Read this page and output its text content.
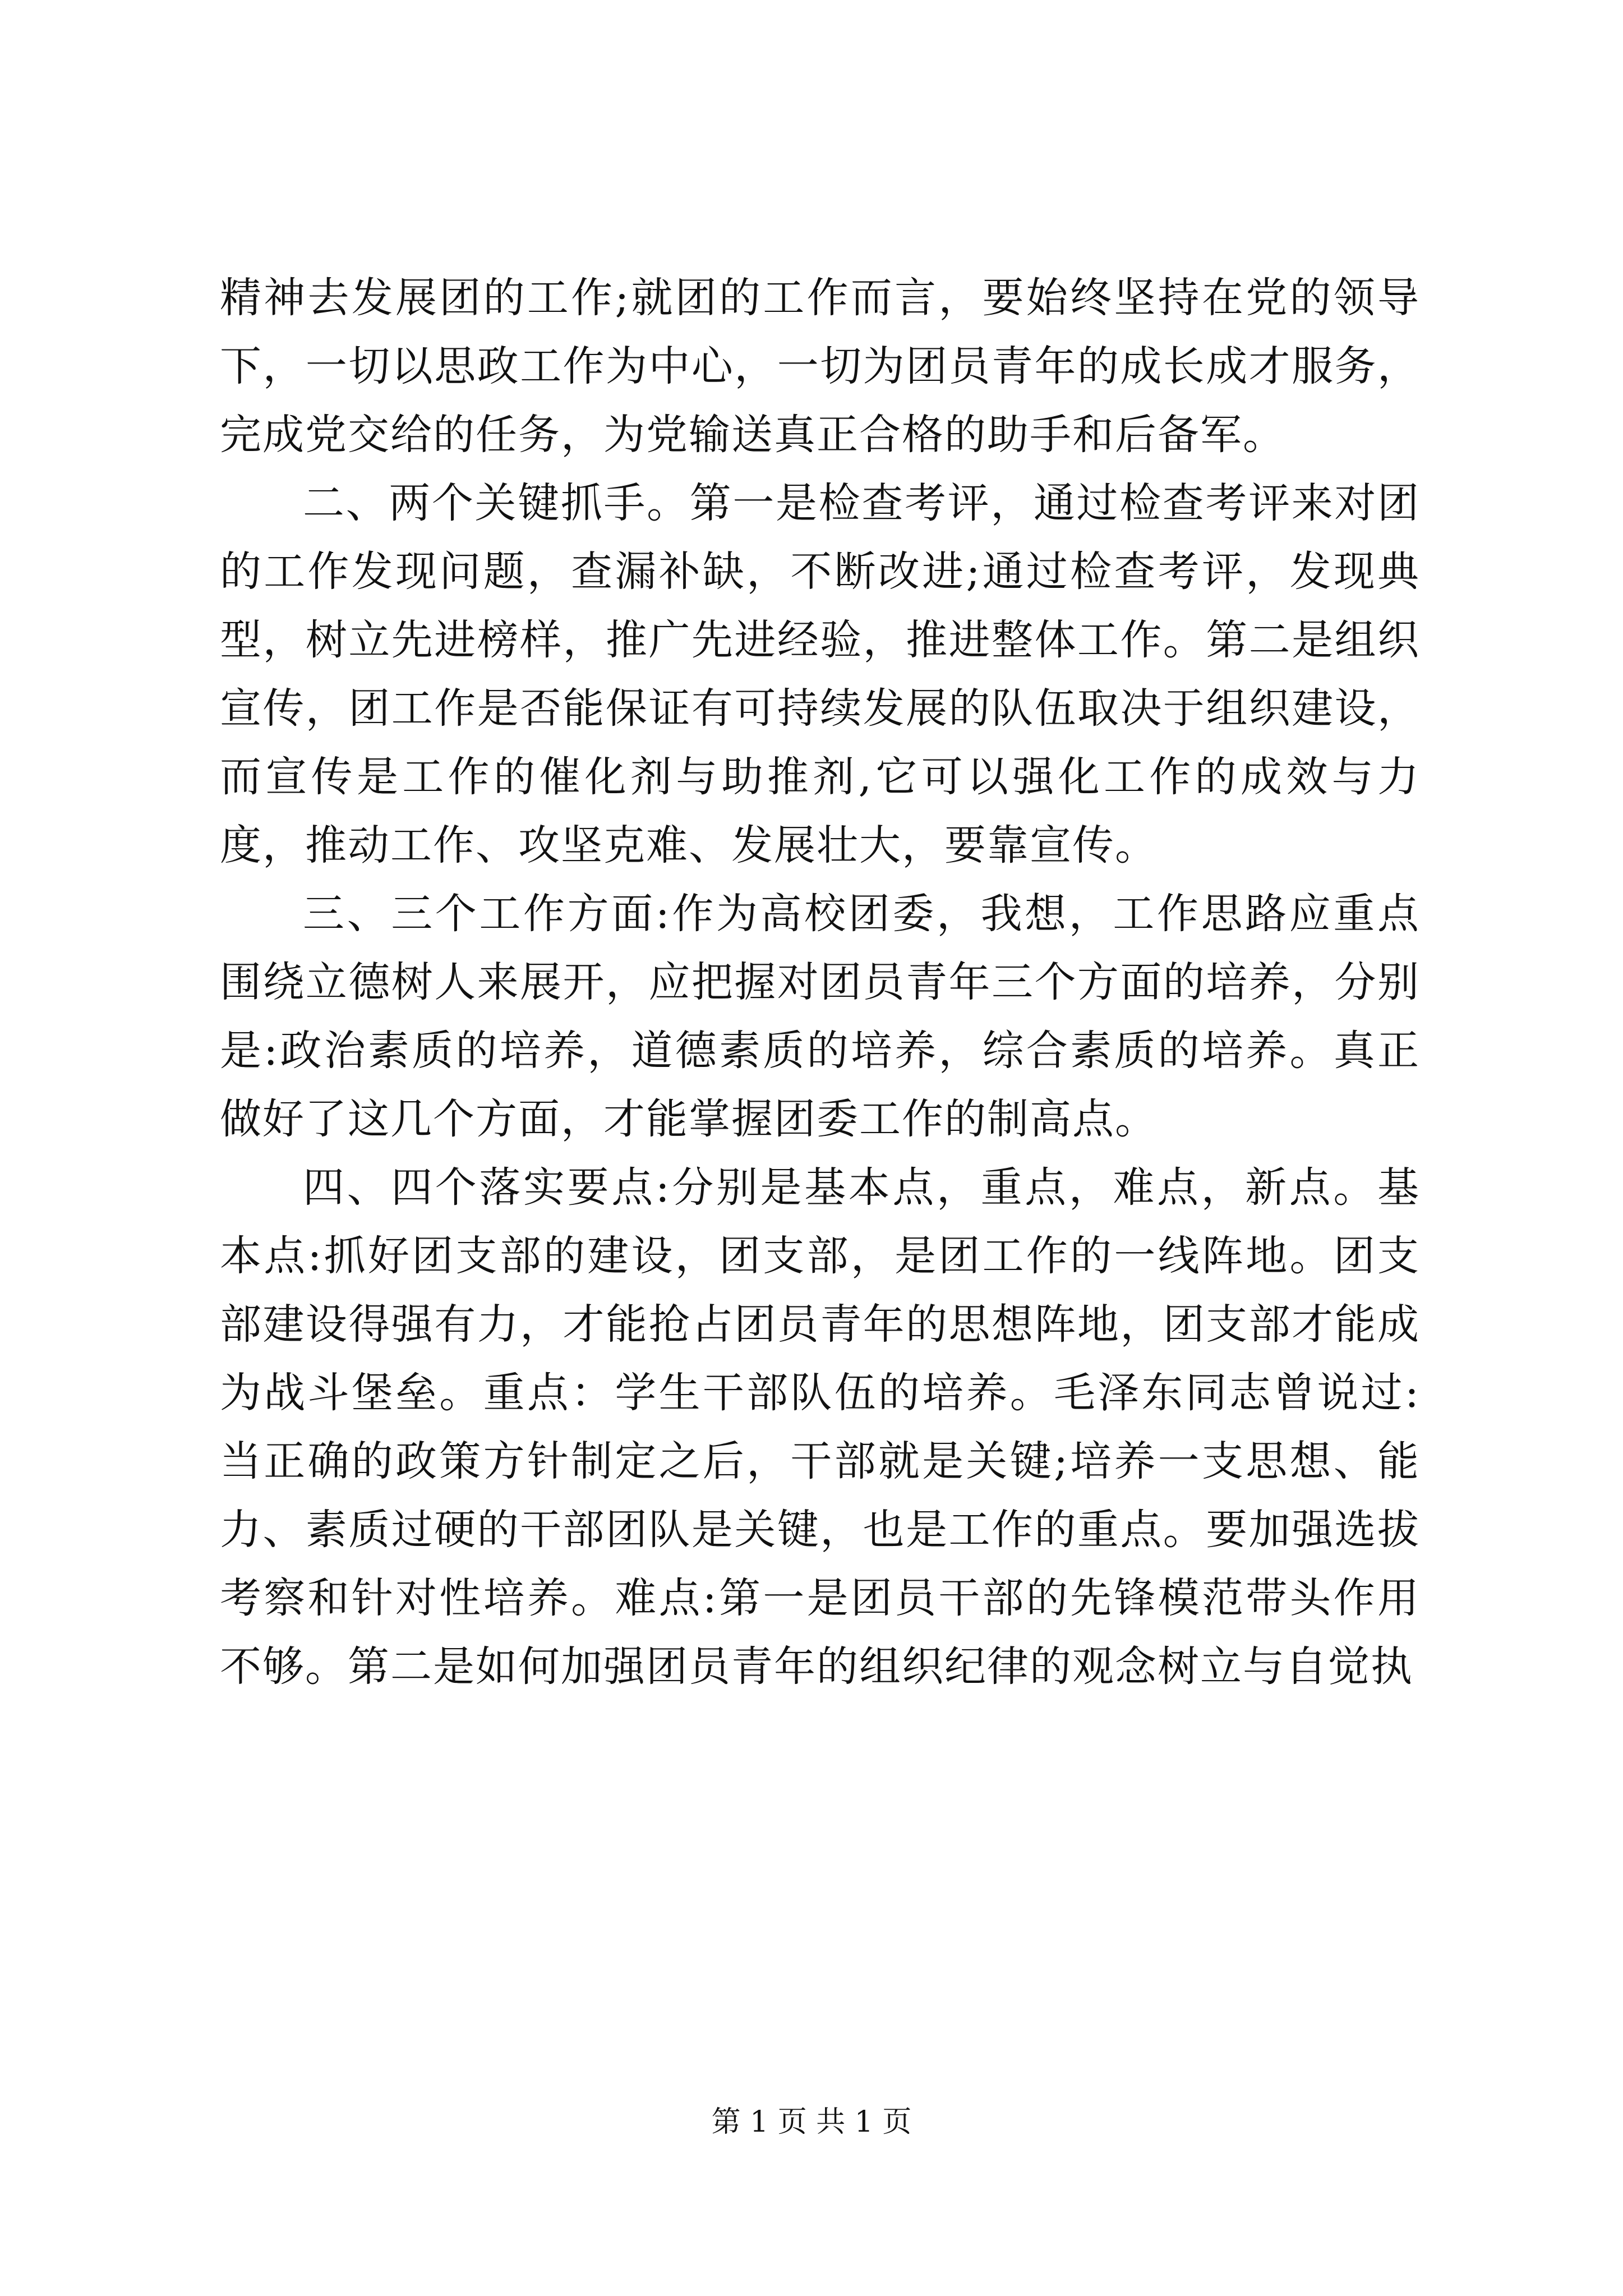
精神去发展团的工作;就团的工作而言，要始终坚持在党的领导下，一切以思政工作为中心，一切为团员青年的成长成才服务，完成党交给的任务，为党输送真正合格的助手和后备军。

二、两个关键抓手。第一是检查考评，通过检查考评来对团的工作发现问题，查漏补缺，不断改进;通过检查考评，发现典型，树立先进榜样，推广先进经验，推进整体工作。第二是组织宣传，团工作是否能保证有可持续发展的队伍取决于组织建设，而宣传是工作的催化剂与助推剂,它可以强化工作的成效与力度，推动工作、攻坚克难、发展壮大，要靠宣传。

三、三个工作方面:作为高校团委，我想，工作思路应重点围绕立德树人来展开，应把握对团员青年三个方面的培养，分别是:政治素质的培养，道德素质的培养，综合素质的培养。真正做好了这几个方面，才能掌握团委工作的制高点。

四、四个落实要点:分别是基本点，重点，难点，新点。基本点:抓好团支部的建设，团支部，是团工作的一线阵地。团支部建设得强有力，才能抢占团员青年的思想阵地，团支部才能成为战斗堡垒。重点：学生干部队伍的培养。毛泽东同志曾说过:当正确的政策方针制定之后，干部就是关键;培养一支思想、能力、素质过硬的干部团队是关键，也是工作的重点。要加强选拔考察和针对性培养。难点:第一是团员干部的先锋模范带头作用不够。第二是如何加强团员青年的组织纪律的观念树立与自觉执

第 1 页 共 1 页
